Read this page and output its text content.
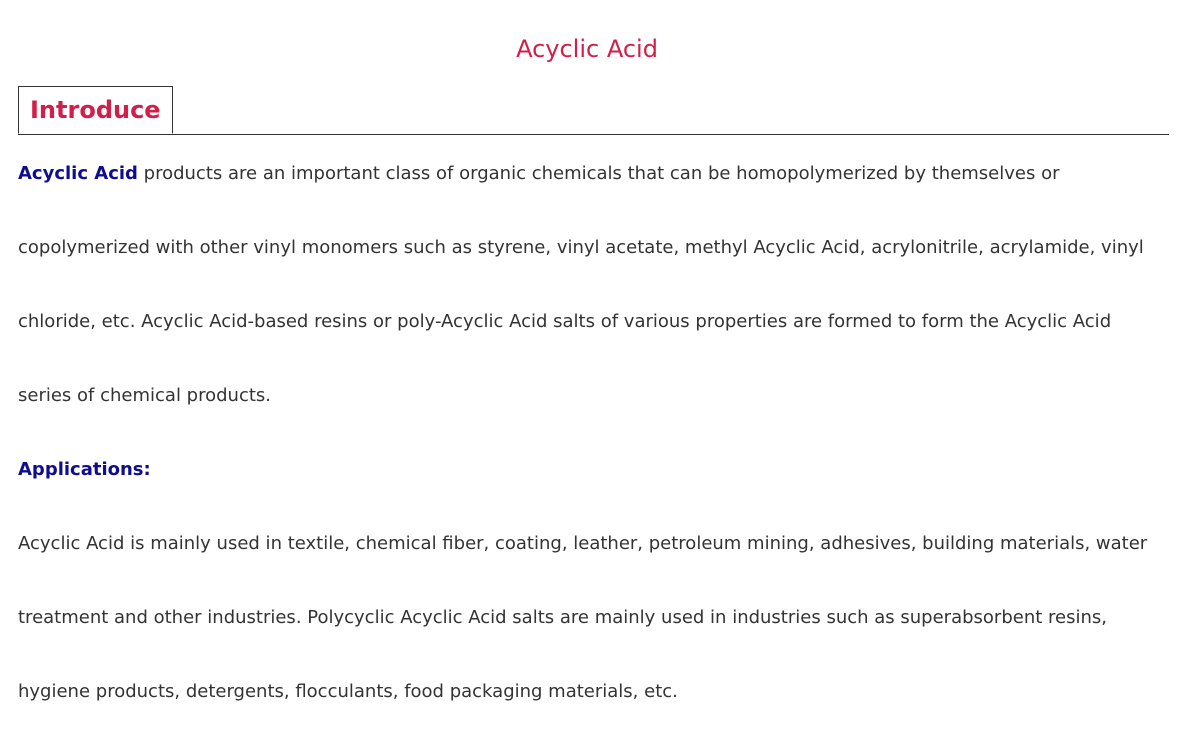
Acyclic Acid
Introduce

Acyclic Acid products are an important class of organic chemicals that can be homopolymerized by themselves or copolymerized with other vinyl monomers such as styrene, vinyl acetate, methyl Acyclic Acid, acrylonitrile, acrylamide, vinyl chloride, etc. Acyclic Acid-based resins or poly-Acyclic Acid salts of various properties are formed to form the Acyclic Acid series of chemical products.

Applications:

Acyclic Acid is mainly used in textile, chemical fiber, coating, leather, petroleum mining, adhesives, building materials, water treatment and other industries. Polycyclic Acyclic Acid salts are mainly used in industries such as superabsorbent resins, hygiene products, detergents, flocculants, food packaging materials, etc.
